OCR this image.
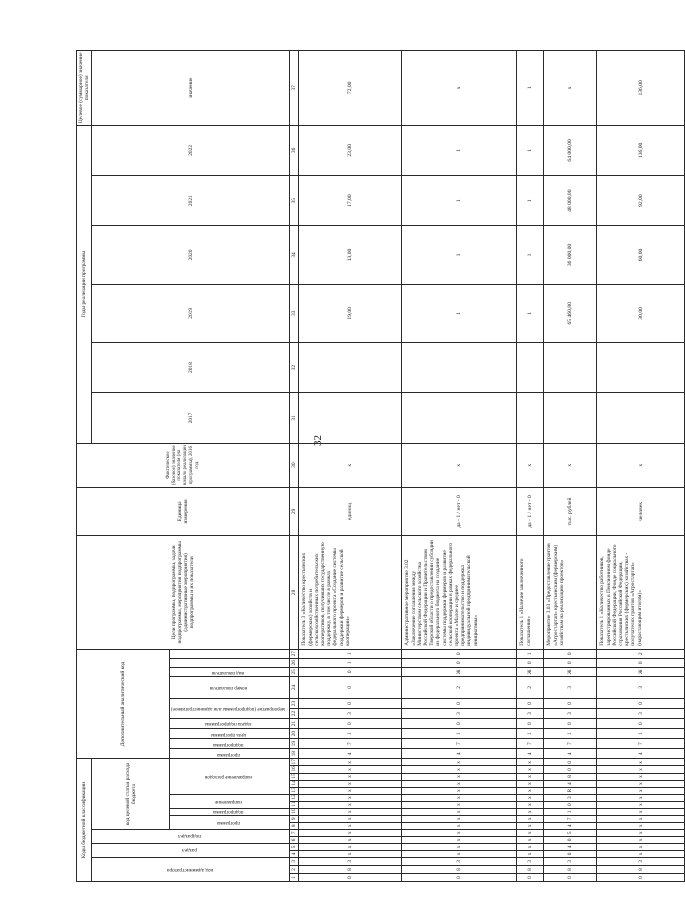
32
Коды бюджетной классификации																	Дополнительный аналитический код										Цели программы, подпрограммы, задачи подпрограммы, мероприятия подпрограммы (административные мероприятия) подпрограммы и их показатели	Единица измерения	Фактическое (базовое) значение показателя (на начало реализации программы), 2016 год	Годы реализации программы						Целевое (суммарное) значение показателя
код администратора			раздел		подраздел		код целевой статьи расхода бюджета																							2017	2018	2019	2020	2021	2022	значение
							программа		подпрограмма	направление		направление расходов					программа	подпрограмма	цель программы	задача подпрограммы	мероприятие (подпрограммы или административное)		номер показателя	вид показателя												
1	2	3	4	5	6	7	8	9	10	11	12	13	14	15	16	17	18	19	20	21	22	23	24	25	26	27	28	29	30	31	32	33	34	35	36	37
0	8	3	х	х	х	х	х	х	х	х	х	х	х	х	х	х	4	7	1	0	3	0	0	0	1	1	Показатель 3 «Количество крестьянских (фермерских) хозяйств и сельскохозяйственных потребительских кооперативов, получивших государственную поддержку, в том числе в рамках федерального проекта «Создание системы поддержки фермеров и развитие сельской кооперации»	единиц	х			19,00	13,00	17,00	23,00	72,00
0	8	3	х	х	х	х	х	х	х	х	х	х	х	х	х	х	4	7	1	0	3	0	2	Ж	0	0	Административное мероприятие 3.02 «Заключение соглашения между Министерством сельского хозяйства Российской Федерации и Правительством Тверской области о предоставлении субсидии из федерального бюджета на создание системы поддержки фермеров и развитие сельской кооперации в рамках федерального проекта «Малое и среднее предпринимательство и поддержка индивидуальной предпринимательской инициативы»	да - 1 / нет - 0	х			1	1	1	1	х
0	8	3	х	х	х	х	х	х	х	х	х	х	х	х	х	х	4	7	1	0	3	0	2	Ж	0	1	Показатель 1 «Наличие заключенного соглашения»	да - 1 / нет - 0	х			1	1	1	1	1
0	8	3	0	4	0	5	4	7	1	0	3	R	4	8	0	0	4	7	1	0	3	0	3	Ж	0	0	Мероприятие 3.03 «Предоставление грантов «Агростартап» крестьянским (фермерским) хозяйствам на реализацию проектов»	тыс. рублей	х			65 460,80	36 000,00	48 000,00	64 000,00	х
0	8	3	х	х	х	х	х	х	х	х	х	х	х	х	х	х	4	7	1	0	3	0	3	Ж	0	2	Показатель 1 «Количество работников, зарегистрированных в Пенсионном фонде Российской Федерации, Фонде социального страхования Российской Федерации, крестьянских (фермерских) хозяйствах - получателях грантов «Агростартап» (нарастающим итогом)»	человек	х			30,00	60,00	92,00	136,00	136,00
